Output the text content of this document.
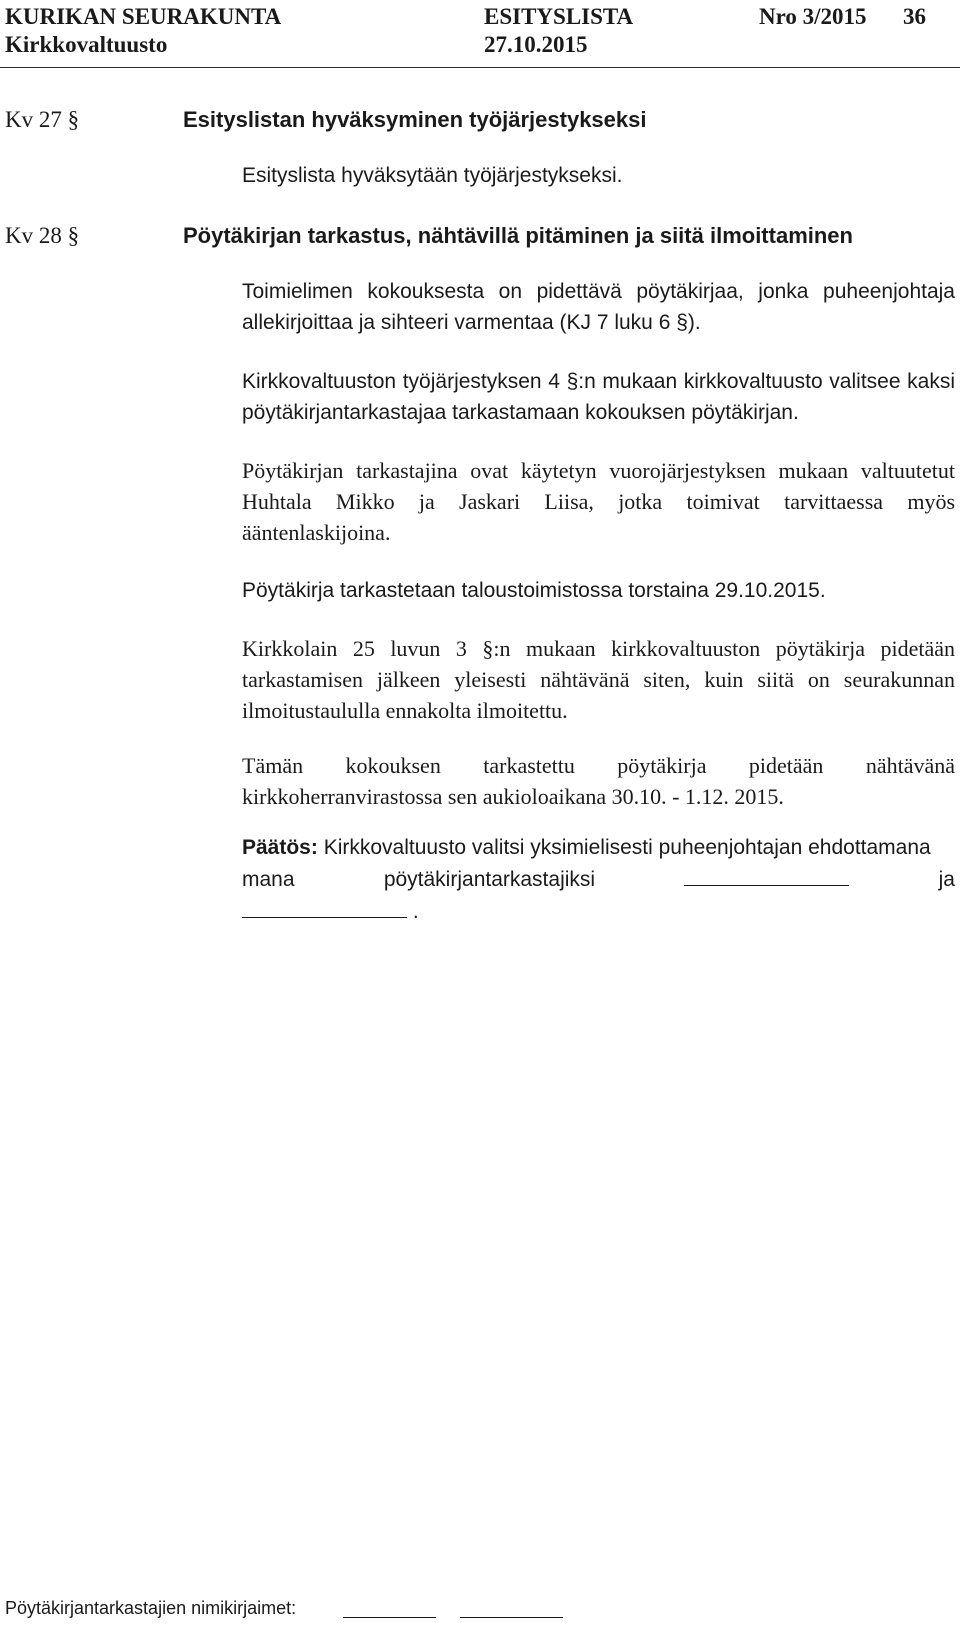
KURIKAN SEURAKUNTA	ESITYSLISTA	Nro 3/2015 36
Kirkkovaltuusto	27.10.2015
Kv 27 §	Esityslistan hyväksyminen työjärjestykseksi
Esityslista hyväksytään työjärjestykseksi.
Kv 28 §	Pöytäkirjan tarkastus, nähtävillä pitäminen ja siitä ilmoittaminen
Toimielimen kokouksesta on pidettävä pöytäkirjaa, jonka puheenjohtaja allekirjoittaa ja sihteeri varmentaa (KJ 7 luku 6 §).
Kirkkovaltuuston työjärjestyksen 4 §:n mukaan kirkkovaltuusto valitsee kaksi pöytäkirjantarkastajaa tarkastamaan kokouksen pöytäkirjan.
Pöytäkirjan tarkastajina ovat käytetyn vuorojärjestyksen mukaan valtuutetut Huhtala Mikko ja Jaskari Liisa, jotka toimivat tarvittaessa myös ääntenlaskijoina.
Pöytäkirja tarkastetaan taloustoimistossa torstaina 29.10.2015.
Kirkkolain 25 luvun 3 §:n mukaan kirkkovaltuuston pöytäkirja pidetään tarkastamisen jälkeen yleisesti nähtävänä siten, kuin siitä on seurakunnan ilmoitustaululla ennakolta ilmoitettu.
Tämän kokouksen tarkastettu pöytäkirja pidetään nähtävänä kirkkoherranvirastossa sen aukioloaikana 30.10. - 1.12. 2015.
Päätös: Kirkkovaltuusto valitsi yksimielisesti puheenjohtajan ehdottamana
mana	pöytäkirjantarkastajiksi	ja
.
Pöytäkirjantarkastajien nimikirjaimet:
